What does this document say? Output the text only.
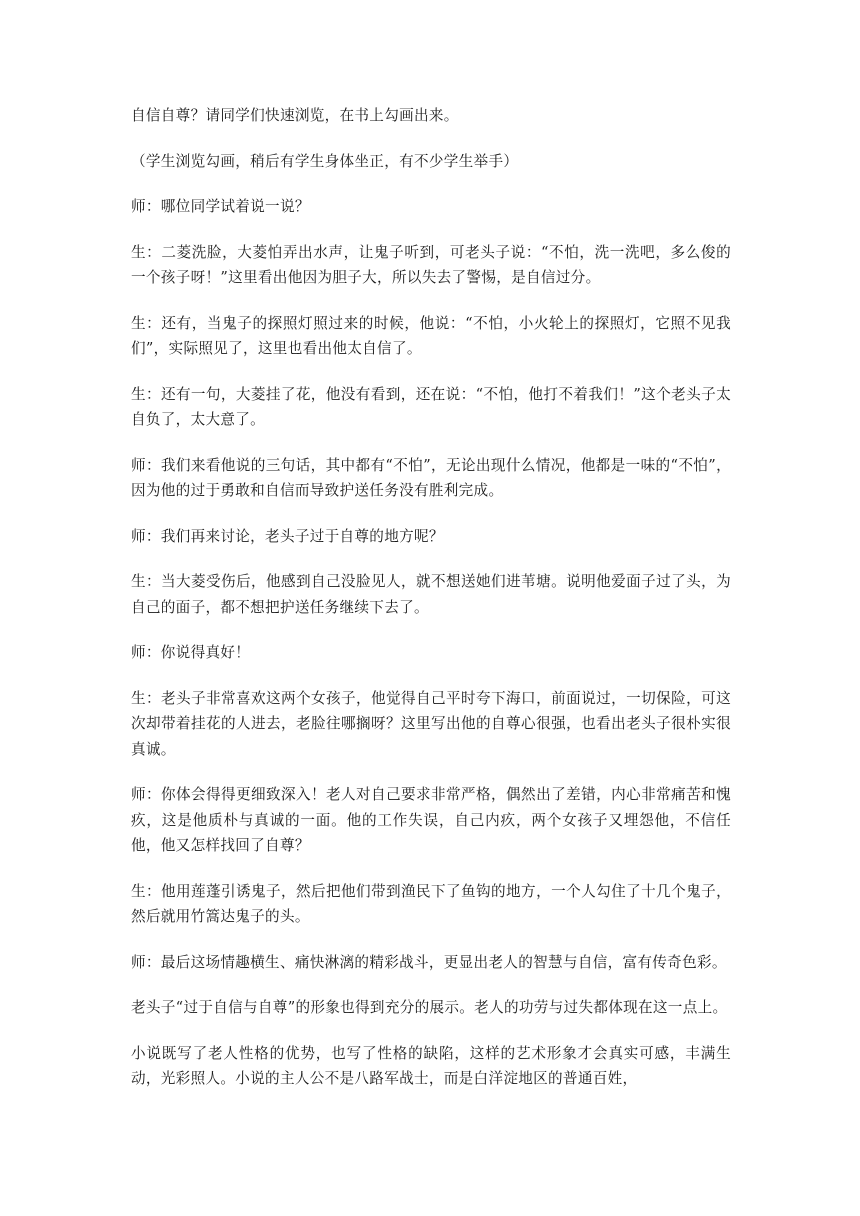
自信自尊？请同学们快速浏览，在书上勾画出来。

（学生浏览勾画，稍后有学生身体坐正，有不少学生举手）

师：哪位同学试着说一说？

生：二菱洗脸，大菱怕弄出水声，让鬼子听到，可老头子说：“不怕，洗一洗吧，多么俊的一个孩子呀！”这里看出他因为胆子大，所以失去了警惕，是自信过分。

生：还有，当鬼子的探照灯照过来的时候，他说：“不怕，小火轮上的探照灯，它照不见我们”，实际照见了，这里也看出他太自信了。

生：还有一句，大菱挂了花，他没有看到，还在说：“不怕，他打不着我们！”这个老头子太自负了，太大意了。

师：我们来看他说的三句话，其中都有“不怕”，无论出现什么情况，他都是一味的“不怕”，因为他的过于勇敢和自信而导致护送任务没有胜利完成。

师：我们再来讨论，老头子过于自尊的地方呢？

生：当大菱受伤后，他感到自己没脸见人，就不想送她们进苇塘。说明他爱面子过了头，为自己的面子，都不想把护送任务继续下去了。

师：你说得真好！

生：老头子非常喜欢这两个女孩子，他觉得自己平时夸下海口，前面说过，一切保险，可这次却带着挂花的人进去，老脸往哪搁呀？这里写出他的自尊心很强，也看出老头子很朴实很真诚。

师：你体会得得更细致深入！老人对自己要求非常严格，偶然出了差错，内心非常痛苦和愧疚，这是他质朴与真诚的一面。他的工作失误，自己内疚，两个女孩子又埋怨他，不信任他，他又怎样找回了自尊？

生：他用莲蓬引诱鬼子，然后把他们带到渔民下了鱼钩的地方，一个人勾住了十几个鬼子，然后就用竹篙达鬼子的头。

师：最后这场情趣横生、痛快淋漓的精彩战斗，更显出老人的智慧与自信，富有传奇色彩。

老头子“过于自信与自尊”的形象也得到充分的展示。老人的功劳与过失都体现在这一点上。

小说既写了老人性格的优势，也写了性格的缺陷，这样的艺术形象才会真实可感，丰满生动，光彩照人。小说的主人公不是八路军战士，而是白洋淀地区的普通百姓，
